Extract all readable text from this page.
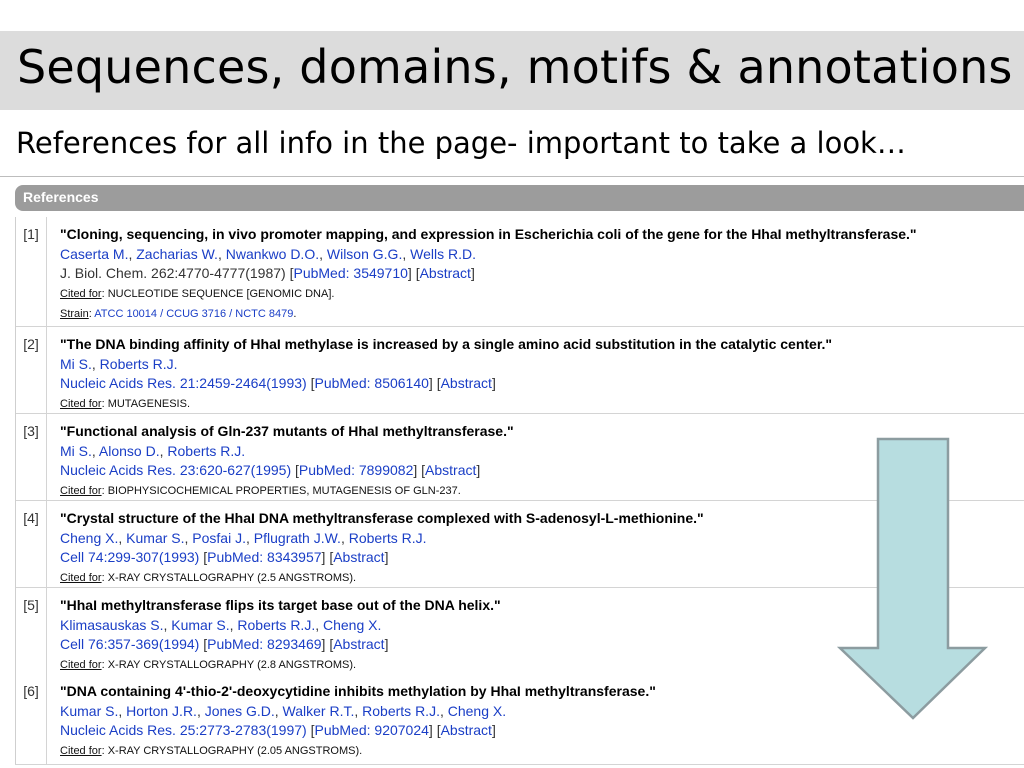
Sequences, domains, motifs & annotations
References for all info in the page- important to take a look…
References
[1]	"Cloning, sequencing, in vivo promoter mapping, and expression in Escherichia coli of the gene for the HhaI methyltransferase."
Caserta M., Zacharias W., Nwankwo D.O., Wilson G.G., Wells R.D.
J. Biol. Chem. 262:4770-4777(1987) [PubMed: 3549710] [Abstract]
Cited for: NUCLEOTIDE SEQUENCE [GENOMIC DNA].
Strain: ATCC 10014 / CCUG 3716 / NCTC 8479.
[2]	"The DNA binding affinity of HhaI methylase is increased by a single amino acid substitution in the catalytic center."
Mi S., Roberts R.J.
Nucleic Acids Res. 21:2459-2464(1993) [PubMed: 8506140] [Abstract]
Cited for: MUTAGENESIS.
[3]	"Functional analysis of Gln-237 mutants of HhaI methyltransferase."
Mi S., Alonso D., Roberts R.J.
Nucleic Acids Res. 23:620-627(1995) [PubMed: 7899082] [Abstract]
Cited for: BIOPHYSICOCHEMICAL PROPERTIES, MUTAGENESIS OF GLN-237.
[4]	"Crystal structure of the HhaI DNA methyltransferase complexed with S-adenosyl-L-methionine."
Cheng X., Kumar S., Posfai J., Pflugrath J.W., Roberts R.J.
Cell 74:299-307(1993) [PubMed: 8343957] [Abstract]
Cited for: X-RAY CRYSTALLOGRAPHY (2.5 ANGSTROMS).
[5]	"HhaI methyltransferase flips its target base out of the DNA helix."
Klimasauskas S., Kumar S., Roberts R.J., Cheng X.
Cell 76:357-369(1994) [PubMed: 8293469] [Abstract]
Cited for: X-RAY CRYSTALLOGRAPHY (2.8 ANGSTROMS).
[6]	"DNA containing 4'-thio-2'-deoxycytidine inhibits methylation by HhaI methyltransferase."
Kumar S., Horton J.R., Jones G.D., Walker R.T., Roberts R.J., Cheng X.
Nucleic Acids Res. 25:2773-2783(1997) [PubMed: 9207024] [Abstract]
Cited for: X-RAY CRYSTALLOGRAPHY (2.05 ANGSTROMS).
